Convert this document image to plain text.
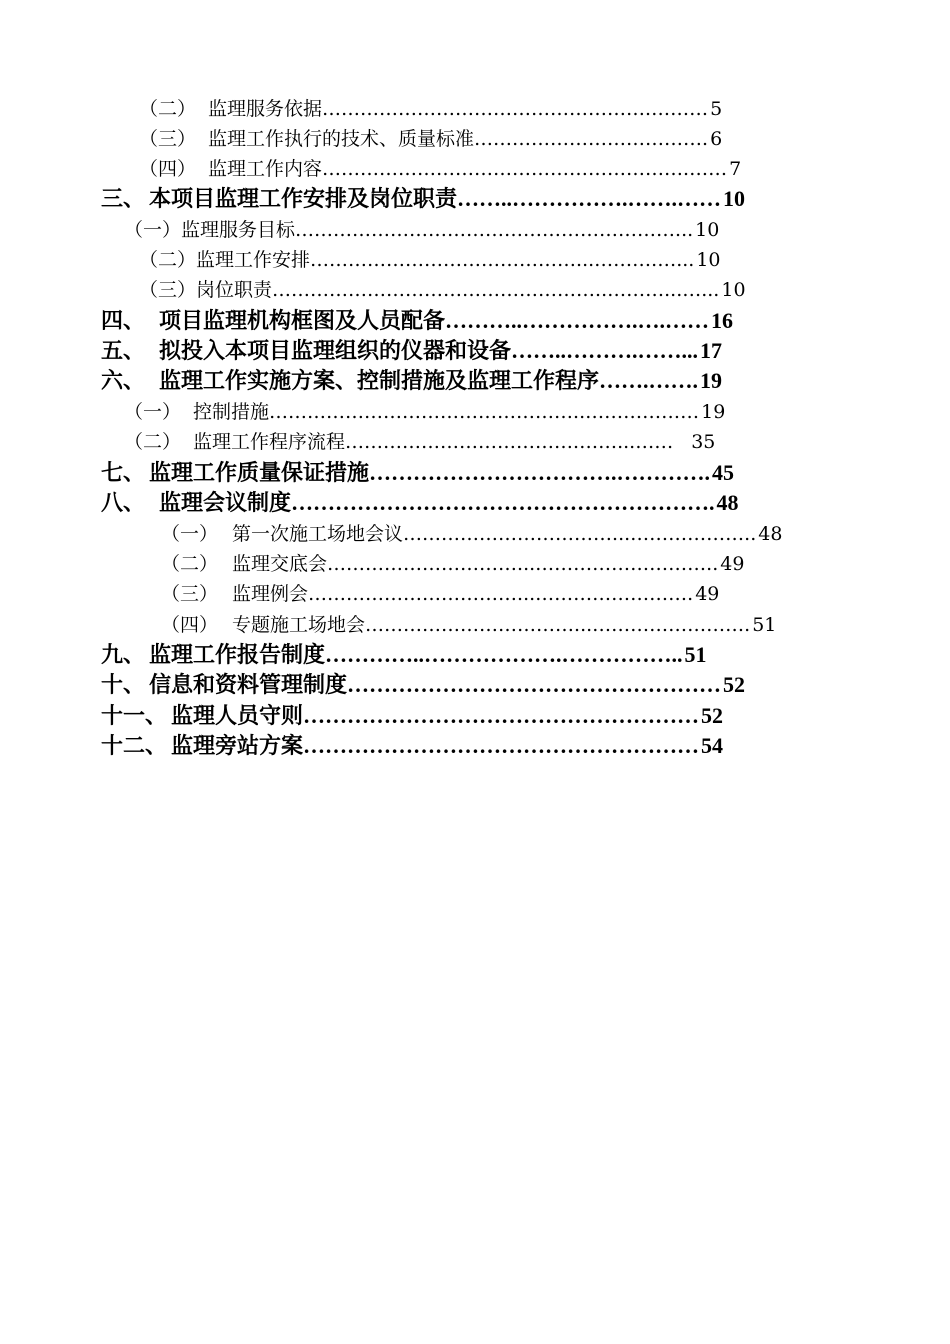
（二） 监理服务依据…………………………………………….……… 5
（三） 监理工作执行的技术、质量标准………………………………. 6
（四） 监理工作内容………………………………………………….…… 7
三、 本项目监理工作安排及岗位职责……..…………….…….……10
（一）监理服务目标……………………………………………………... 10
（二）监理工作安排……………………………………...……….…... 10
（三）岗位职责……………………………………………..………...…... 10
四、 项目监理机构框图及人员配备………..…………….….……16
五、 拟投入本项目监理组织的仪器和设备……..……….……...17
六、 监理工作实施方案、控制措施及监理工作程序…….…….19
（一） 控制措施…………………………………………..……………… 19
（二） 监理工作程序流程……………………………….……...…… 35
七、 监理工作质量保证措施…………………………….………….45
八、 监理会议制度………………………………………………….48
（一） 第一次施工场地会议……………………………...……………….. 48
（二） 监理交底会…………………………...……………………….. 49
（三） 监理例会……………………………...……………………. 49
（四） 专题施工场地会……………………………...……………………. 51
九、 监理工作报告制度…………..……………….……………..51
十、 信息和资料管理制度……………………………………………52
十一、 监理人员守则………………………………………………52
十二、 监理旁站方案………………………………………………54
